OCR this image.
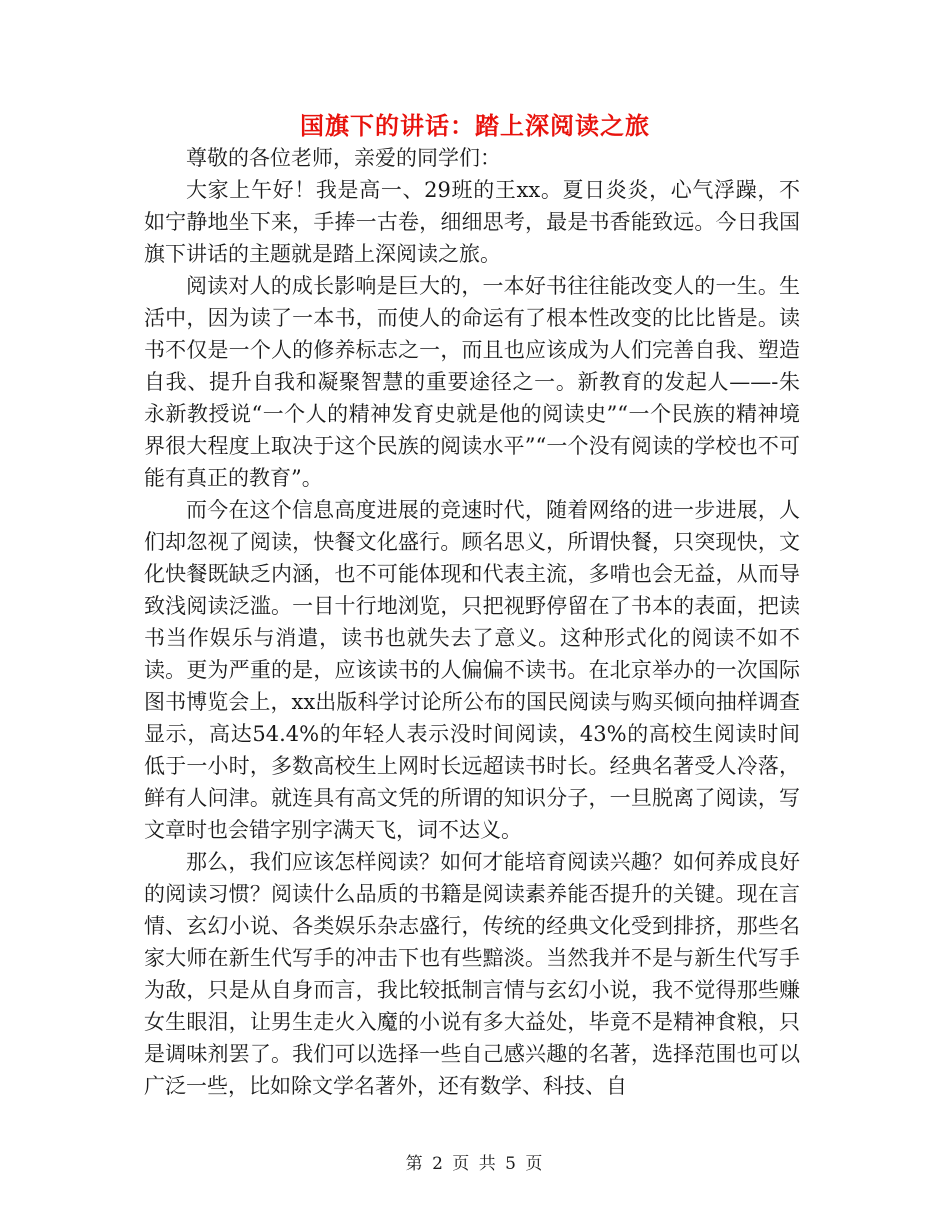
国旗下的讲话：踏上深阅读之旅

尊敬的各位老师，亲爱的同学们：

大家上午好！我是高一、29班的王xx。夏日炎炎，心气浮躁，不如宁静地坐下来，手捧一古卷，细细思考，最是书香能致远。今日我国旗下讲话的主题就是踏上深阅读之旅。

阅读对人的成长影响是巨大的，一本好书往往能改变人的一生。生活中，因为读了一本书，而使人的命运有了根本性改变的比比皆是。读书不仅是一个人的修养标志之一，而且也应该成为人们完善自我、塑造自我、提升自我和凝聚智慧的重要途径之一。新教育的发起人——-朱永新教授说“一个人的精神发育史就是他的阅读史”“一个民族的精神境界很大程度上取决于这个民族的阅读水平”“一个没有阅读的学校也不可能有真正的教育”。

而今在这个信息高度进展的竞速时代，随着网络的进一步进展，人们却忽视了阅读，快餐文化盛行。顾名思义，所谓快餐，只突现快，文化快餐既缺乏内涵，也不可能体现和代表主流，多啃也会无益，从而导致浅阅读泛滥。一目十行地浏览，只把视野停留在了书本的表面，把读书当作娱乐与消遣，读书也就失去了意义。这种形式化的阅读不如不读。更为严重的是，应该读书的人偏偏不读书。在北京举办的一次国际图书博览会上，xx出版科学讨论所公布的国民阅读与购买倾向抽样调查显示，高达54.4%的年轻人表示没时间阅读，43%的高校生阅读时间低于一小时，多数高校生上网时长远超读书时长。经典名著受人冷落，鲜有人问津。就连具有高文凭的所谓的知识分子，一旦脱离了阅读，写文章时也会错字别字满天飞，词不达义。

那么，我们应该怎样阅读？如何才能培育阅读兴趣？如何养成良好的阅读习惯？阅读什么品质的书籍是阅读素养能否提升的关键。现在言情、玄幻小说、各类娱乐杂志盛行，传统的经典文化受到排挤，那些名家大师在新生代写手的冲击下也有些黯淡。当然我并不是与新生代写手为敌，只是从自身而言，我比较抵制言情与玄幻小说，我不觉得那些赚女生眼泪，让男生走火入魔的小说有多大益处，毕竟不是精神食粮，只是调味剂罢了。我们可以选择一些自己感兴趣的名著，选择范围也可以广泛一些，比如除文学名著外，还有数学、科技、自

第 2 页 共 5 页
